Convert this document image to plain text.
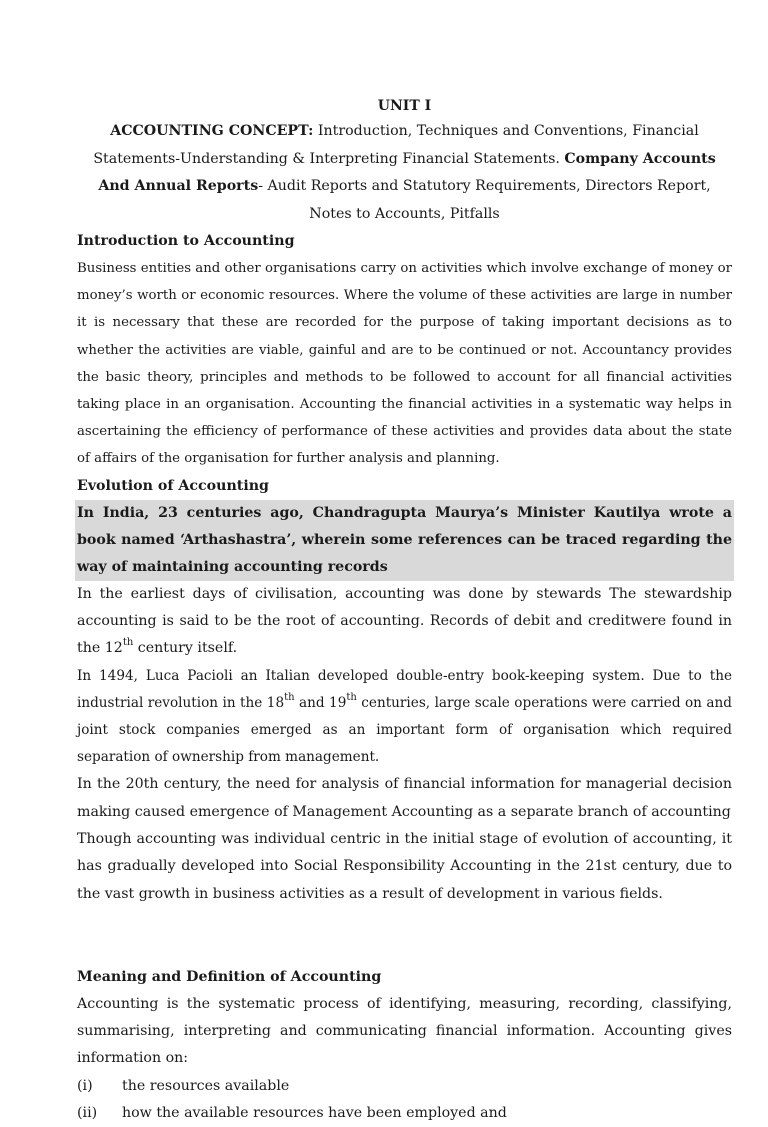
UNIT I
ACCOUNTING CONCEPT: Introduction, Techniques and Conventions, Financial Statements-Understanding & Interpreting Financial Statements. Company Accounts And Annual Reports- Audit Reports and Statutory Requirements, Directors Report, Notes to Accounts, Pitfalls
Introduction to Accounting

Business entities and other organisations carry on activities which involve exchange of money or money’s worth or economic resources. Where the volume of these activities are large in number it is necessary that these are recorded for the purpose of taking important decisions as to whether the activities are viable, gainful and are to be continued or not. Accountancy provides the basic theory, principles and methods to be followed to account for all financial activities taking place in an organisation. Accounting the financial activities in a systematic way helps in ascertaining the efficiency of performance of these activities and provides data about the state of affairs of the organisation for further analysis and planning.

Evolution of Accounting
In India, 23 centuries ago, Chandragupta Maurya’s Minister Kautilya wrote a book named ‘Arthashastra’, wherein some references can be traced regarding the way of maintaining accounting records

In the earliest days of civilisation, accounting was done by stewards The stewardship accounting is said to be the root of accounting. Records of debit and creditwere found in the 12th century itself.

In 1494, Luca Pacioli an Italian developed double-entry book-keeping system. Due to the industrial revolution in the 18th and 19th centuries, large scale operations were carried on and joint stock companies emerged as an important form of organisation which required separation of ownership from management.

In the 20th century, the need for analysis of financial information for managerial decision making caused emergence of Management Accounting as a separate branch of accounting

Though accounting was individual centric in the initial stage of evolution of accounting, it has gradually developed into Social Responsibility Accounting in the 21st century, due to the vast growth in business activities as a result of development in various fields.

Meaning and Definition of Accounting

Accounting is the systematic process of identifying, measuring, recording, classifying, summarising, interpreting and communicating financial information. Accounting gives information on:

(i)	the resources available
(ii)	how the available resources have been employed and
